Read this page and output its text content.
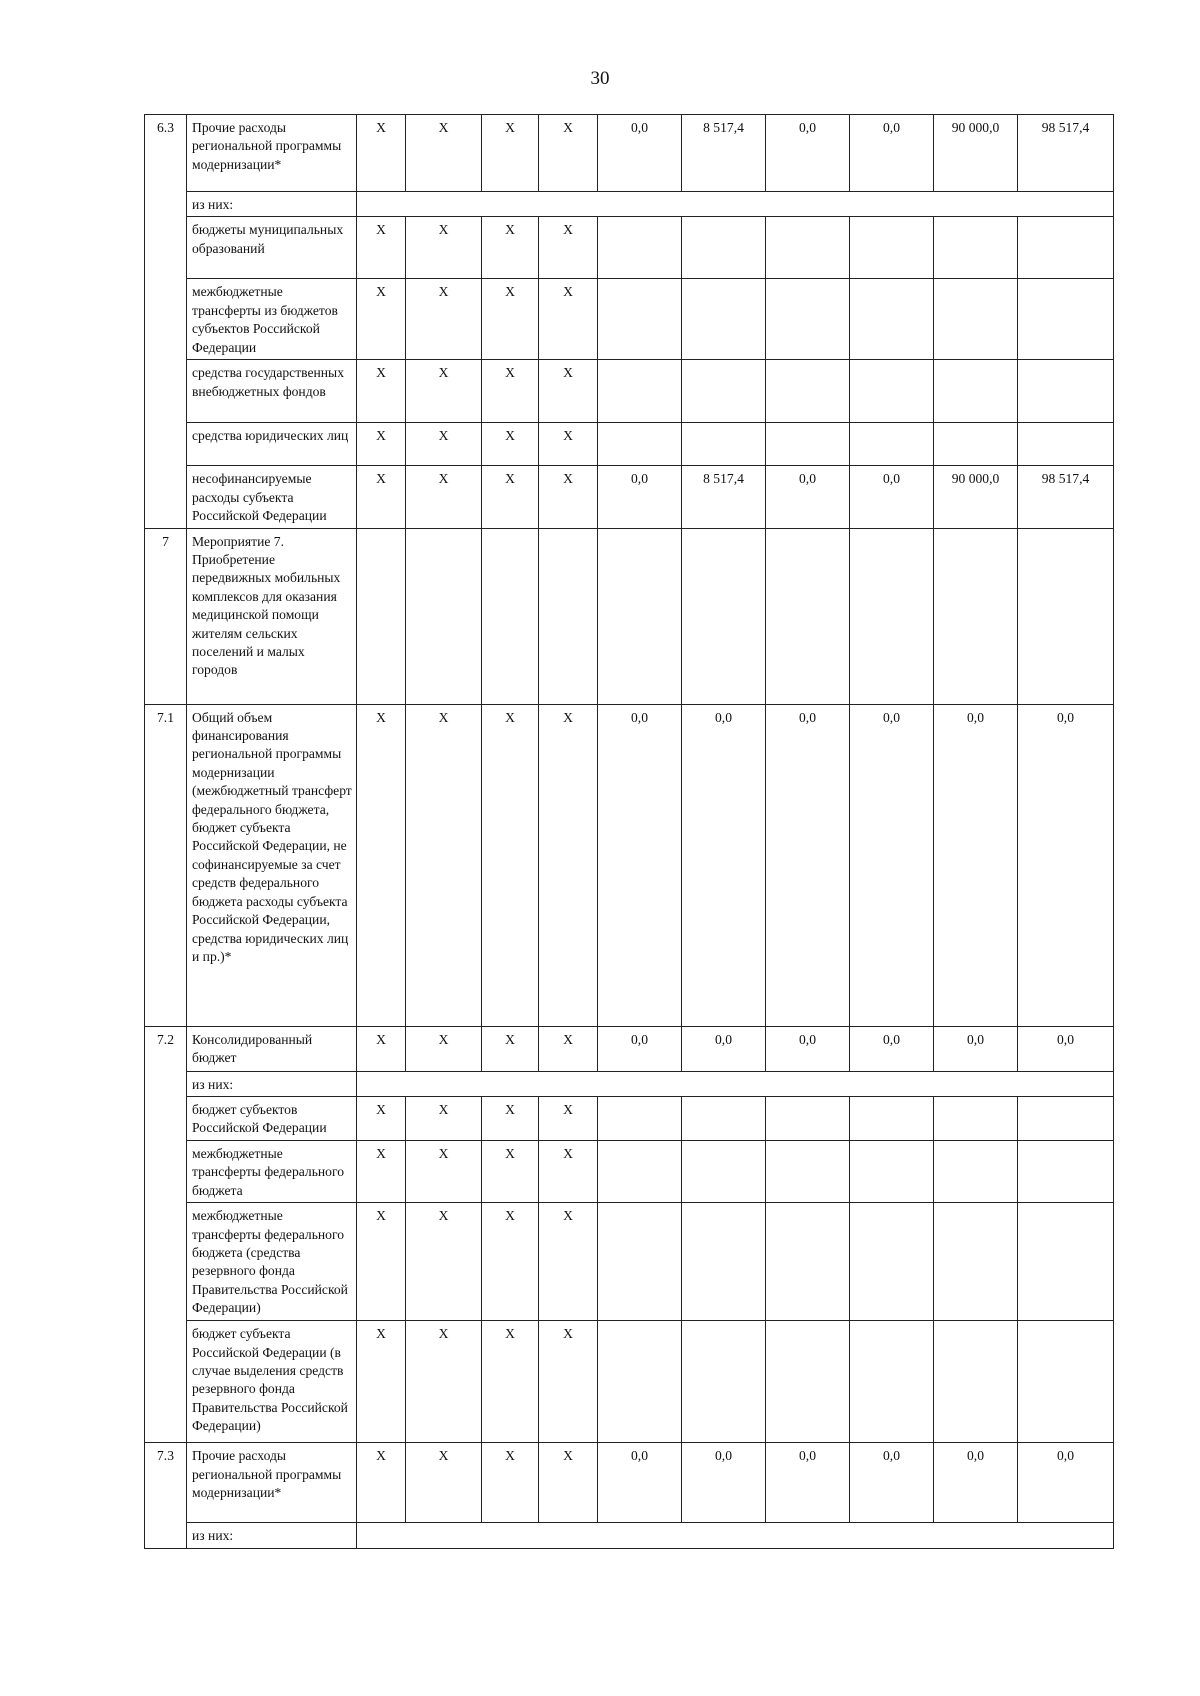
30
6.3	Прочие расходы региональной программы модернизации*	X	X	X	X	0,0	8 517,4	0,0	0,0	90 000,0	98 517,4
	из них:										
	бюджеты муниципальных образований	X	X	X	X						
	межбюджетные трансферты из бюджетов субъектов Российской Федерации	X	X	X	X						
	средства государственных внебюджетных фондов	X	X	X	X						
	средства юридических лиц	X	X	X	X						
	несофинансируемые расходы субъекта Российской Федерации	X	X	X	X	0,0	8 517,4	0,0	0,0	90 000,0	98 517,4
7	Мероприятие 7. Приобретение передвижных мобильных комплексов для оказания медицинской помощи жителям сельских поселений и малых городов										
7.1	Общий объем финансирования региональной программы модернизации (межбюджетный трансферт федерального бюджета, бюджет субъекта Российской Федерации, не софинансируемые за счет средств федерального бюджета расходы субъекта Российской Федерации, средства юридических лиц и пр.)*	X	X	X	X	0,0	0,0	0,0	0,0	0,0	0,0
7.2	Консолидированный бюджет	X	X	X	X	0,0	0,0	0,0	0,0	0,0	0,0
	из них:										
	бюджет субъектов Российской Федерации	X	X	X	X						
	межбюджетные трансферты федерального бюджета	X	X	X	X						
	межбюджетные трансферты федерального бюджета (средства резервного фонда Правительства Российской Федерации)	X	X	X	X						
	бюджет субъекта Российской Федерации (в случае выделения средств резервного фонда Правительства Российской Федерации)	X	X	X	X						
7.3	Прочие расходы региональной программы модернизации*	X	X	X	X	0,0	0,0	0,0	0,0	0,0	0,0
	из них:										
